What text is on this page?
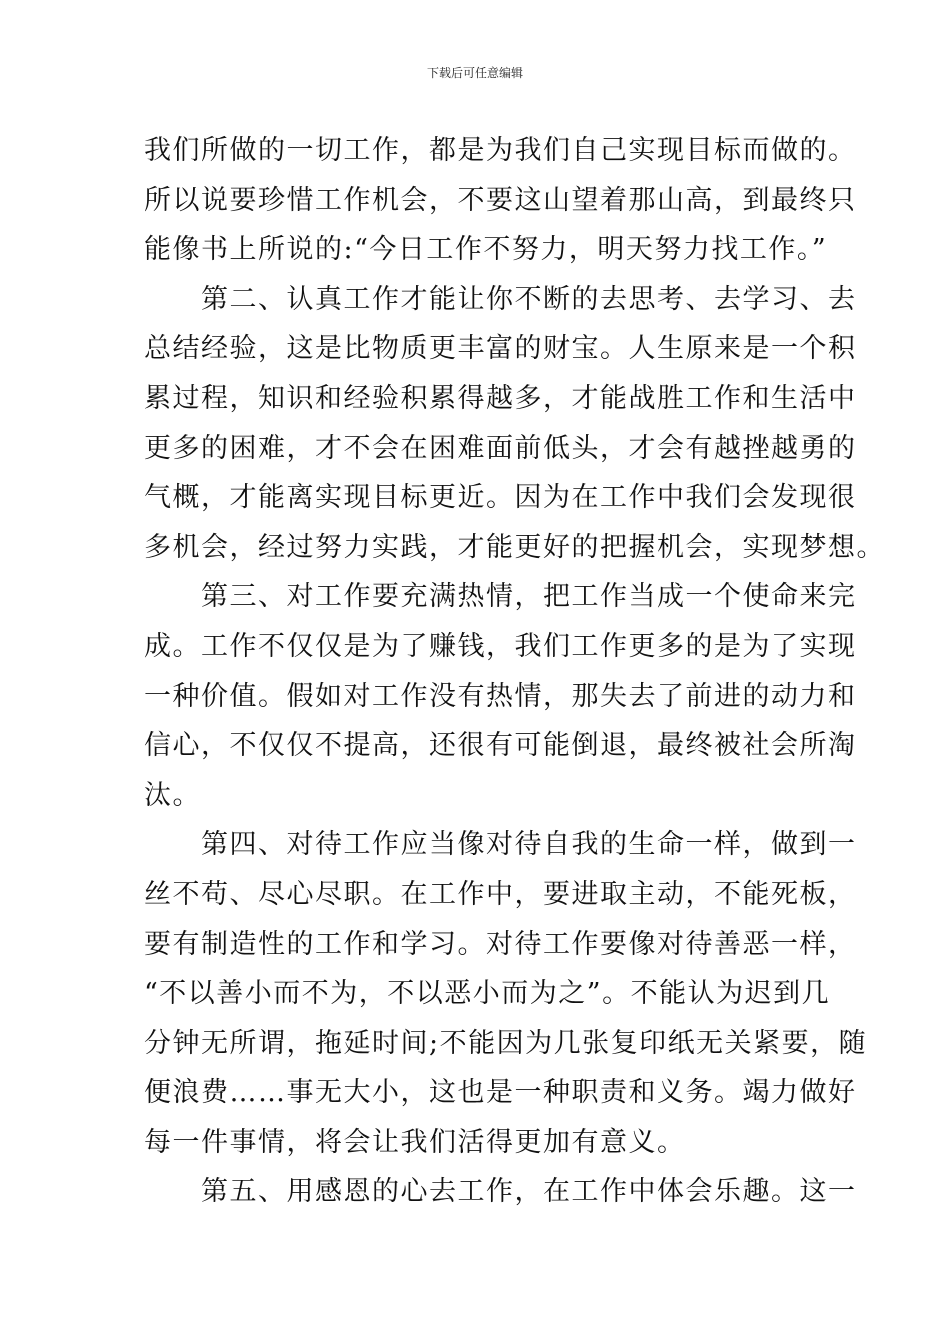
下载后可任意编辑

我们所做的一切工作，都是为我们自己实现目标而做的。
所以说要珍惜工作机会，不要这山望着那山高，到最终只
能像书上所说的:“今日工作不努力，明天努力找工作。”

第二、认真工作才能让你不断的去思考、去学习、去
总结经验，这是比物质更丰富的财宝。人生原来是一个积
累过程，知识和经验积累得越多，才能战胜工作和生活中
更多的困难，才不会在困难面前低头，才会有越挫越勇的
气概，才能离实现目标更近。因为在工作中我们会发现很
多机会，经过努力实践，才能更好的把握机会，实现梦想。

第三、对工作要充满热情，把工作当成一个使命来完
成。工作不仅仅是为了赚钱，我们工作更多的是为了实现
一种价值。假如对工作没有热情，那失去了前进的动力和
信心，不仅仅不提高，还很有可能倒退，最终被社会所淘
汰。

第四、对待工作应当像对待自我的生命一样，做到一
丝不苟、尽心尽职。在工作中，要进取主动，不能死板，
要有制造性的工作和学习。对待工作要像对待善恶一样，
“不以善小而不为，不以恶小而为之”。不能认为迟到几
分钟无所谓，拖延时间;不能因为几张复印纸无关紧要，随
便浪费……事无大小，这也是一种职责和义务。竭力做好
每一件事情，将会让我们活得更加有意义。

第五、用感恩的心去工作，在工作中体会乐趣。这一
